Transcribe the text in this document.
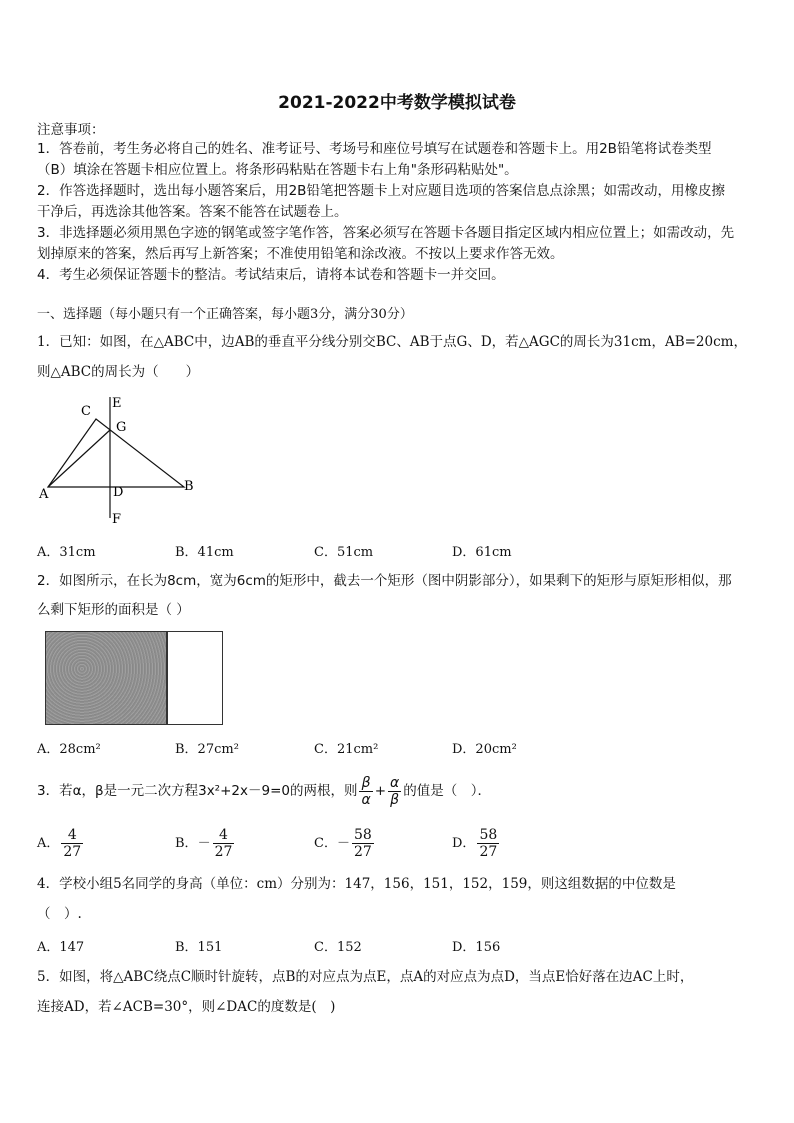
2021-2022中考数学模拟试卷
注意事项：
1．答卷前，考生务必将自己的姓名、准考证号、考场号和座位号填写在试题卷和答题卡上。用2B铅笔将试卷类型
（B）填涂在答题卡相应位置上。将条形码粘贴在答题卡右上角"条形码粘贴处"。
2．作答选择题时，选出每小题答案后，用2B铅笔把答题卡上对应题目选项的答案信息点涂黑；如需改动，用橡皮擦
干净后，再选涂其他答案。答案不能答在试题卷上。
3．非选择题必须用黑色字迹的钢笔或签字笔作答，答案必须写在答题卡各题目指定区域内相应位置上；如需改动，先
划掉原来的答案，然后再写上新答案；不准使用铅笔和涂改液。不按以上要求作答无效。
4．考生必须保证答题卡的整洁。考试结束后，请将本试卷和答题卡一并交回。
一、选择题（每小题只有一个正确答案，每小题3分，满分30分）
1．已知：如图，在△ABC中，边AB的垂直平分线分别交BC、AB于点G、D，若△AGC的周长为31cm，AB=20cm，
则△ABC的周长为（　　）
C
E
G
A	D	B
F
A．31cm	B．41cm	C．51cm	D．61cm
2．如图所示，在长为8cm，宽为6cm的矩形中，截去一个矩形（图中阴影部分），如果剩下的矩形与原矩形相似，那
么剩下矩形的面积是（ ）
A．28cm²	B．27cm²	C．21cm²	D．20cm²
3．若α，β是一元二次方程3x²+2x－9=0的两根，则 $\frac{\beta}{\alpha} + \frac{\alpha}{\beta}$ 的值是（　）．
A． $\frac{4}{27}$	B．－ $\frac{4}{27}$	C．－ $\frac{58}{27}$	D． $\frac{58}{27}$
4．学校小组5名同学的身高（单位：cm）分别为：147，156，151，152，159，则这组数据的中位数是
（　）.
A．147	B．151	C．152	D．156
5．如图，将△ABC绕点C顺时针旋转，点B的对应点为点E，点A的对应点为点D，当点E恰好落在边AC上时，
连接AD，若∠ACB=30°，则∠DAC的度数是(　)
